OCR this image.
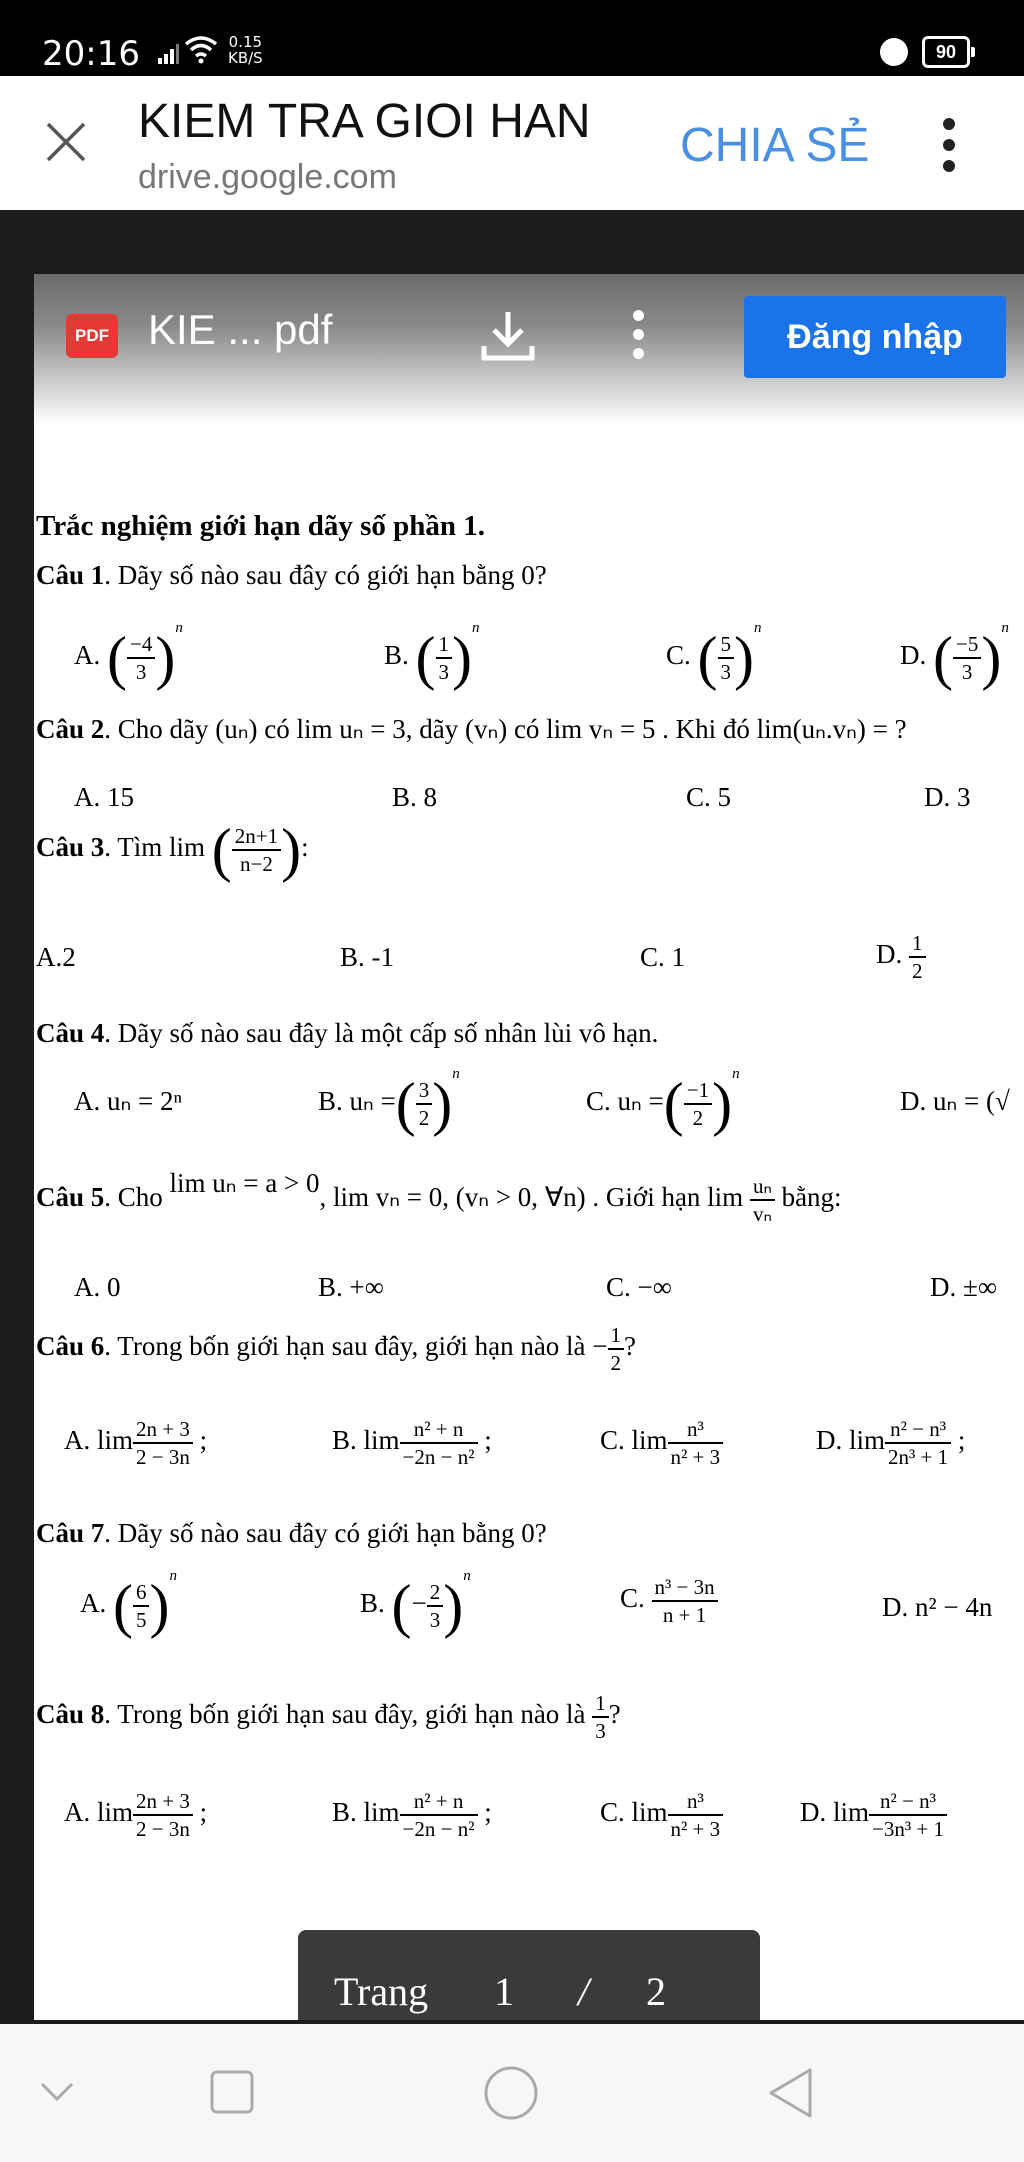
20:16	0.15
KB/S	90
KIEM TRA GIOI HAN
drive.google.com
CHIA SẺ
Trắc nghiệm giới hạn dãy số phần 1.
Câu 1. Dãy số nào sau đây có giới hạn bằng 0?
A. ( $\frac{-4}{3} )^n$
B. ( $\frac{1}{3} )^n$
C. ( $\frac{5}{3} )^n$
D. ( $\frac{-5}{3} )^n$
Câu 2. Cho dãy (uₙ) có lim uₙ = 3, dãy (vₙ) có lim vₙ = 5 . Khi đó lim(uₙ.vₙ) = ?
A. 15	B. 8	C. 5	D. 3
Câu 3. Tìm lim ( $\frac{2n+1}{n-2}$ ):
A.2	B. -1	C. 1	D. $\frac{1}{2}$
Câu 4. Dãy số nào sau đây là một cấp số nhân lùi vô hạn.
A. uₙ = 2ⁿ	B. uₙ =( $\frac{3}{2} )^n$
C. uₙ =( $\frac{-1}{2} )^n$
D. uₙ = (√
Câu 5. Cho lim uₙ = a > 0, lim vₙ = 0, (vₙ > 0, ∀n) . Giới hạn $\lim \frac{\text{uₙ}}{\text{vₙ}}$ bằng:
A. 0	B. +∞	C. −∞	D. ±∞
Câu 6. Trong bốn giới hạn sau đây, giới hạn nào là − $\frac{1}{2}$ ?
A. $\lim \frac{2n + 3}{2 - 3n}$ ;	B. $\lim \frac{\text{n² + n}}{\text{−2n − n²}}$ ;	C. $\lim \frac{\text{n³}}{\text{n² + 3}}$	D. $\lim \frac{\text{n² − n³}}{\text{2n³ + 1}}$ ;
Câu 7. Dãy số nào sau đây có giới hạn bằng 0?
A. ( $\frac{6}{5} )^n$
B. (− $\frac{2}{3} )^n$
C. $\frac{\text{n³ − 3n}}{n + 1}$	D. n² − 4n
Câu 8. Trong bốn giới hạn sau đây, giới hạn nào là $\frac{1}{3}$ ?
A. $\lim \frac{2n + 3}{2 - 3n}$ ;	B. $\lim \frac{\text{n² + n}}{\text{−2n − n²}}$ ;	C. $\lim \frac{\text{n³}}{\text{n² + 3}}$	D. $\lim \frac{\text{n² − n³}}{\text{−3n³ + 1}}$
Trang 1 / 2
PDF KIE ... pdf	Đăng nhập
